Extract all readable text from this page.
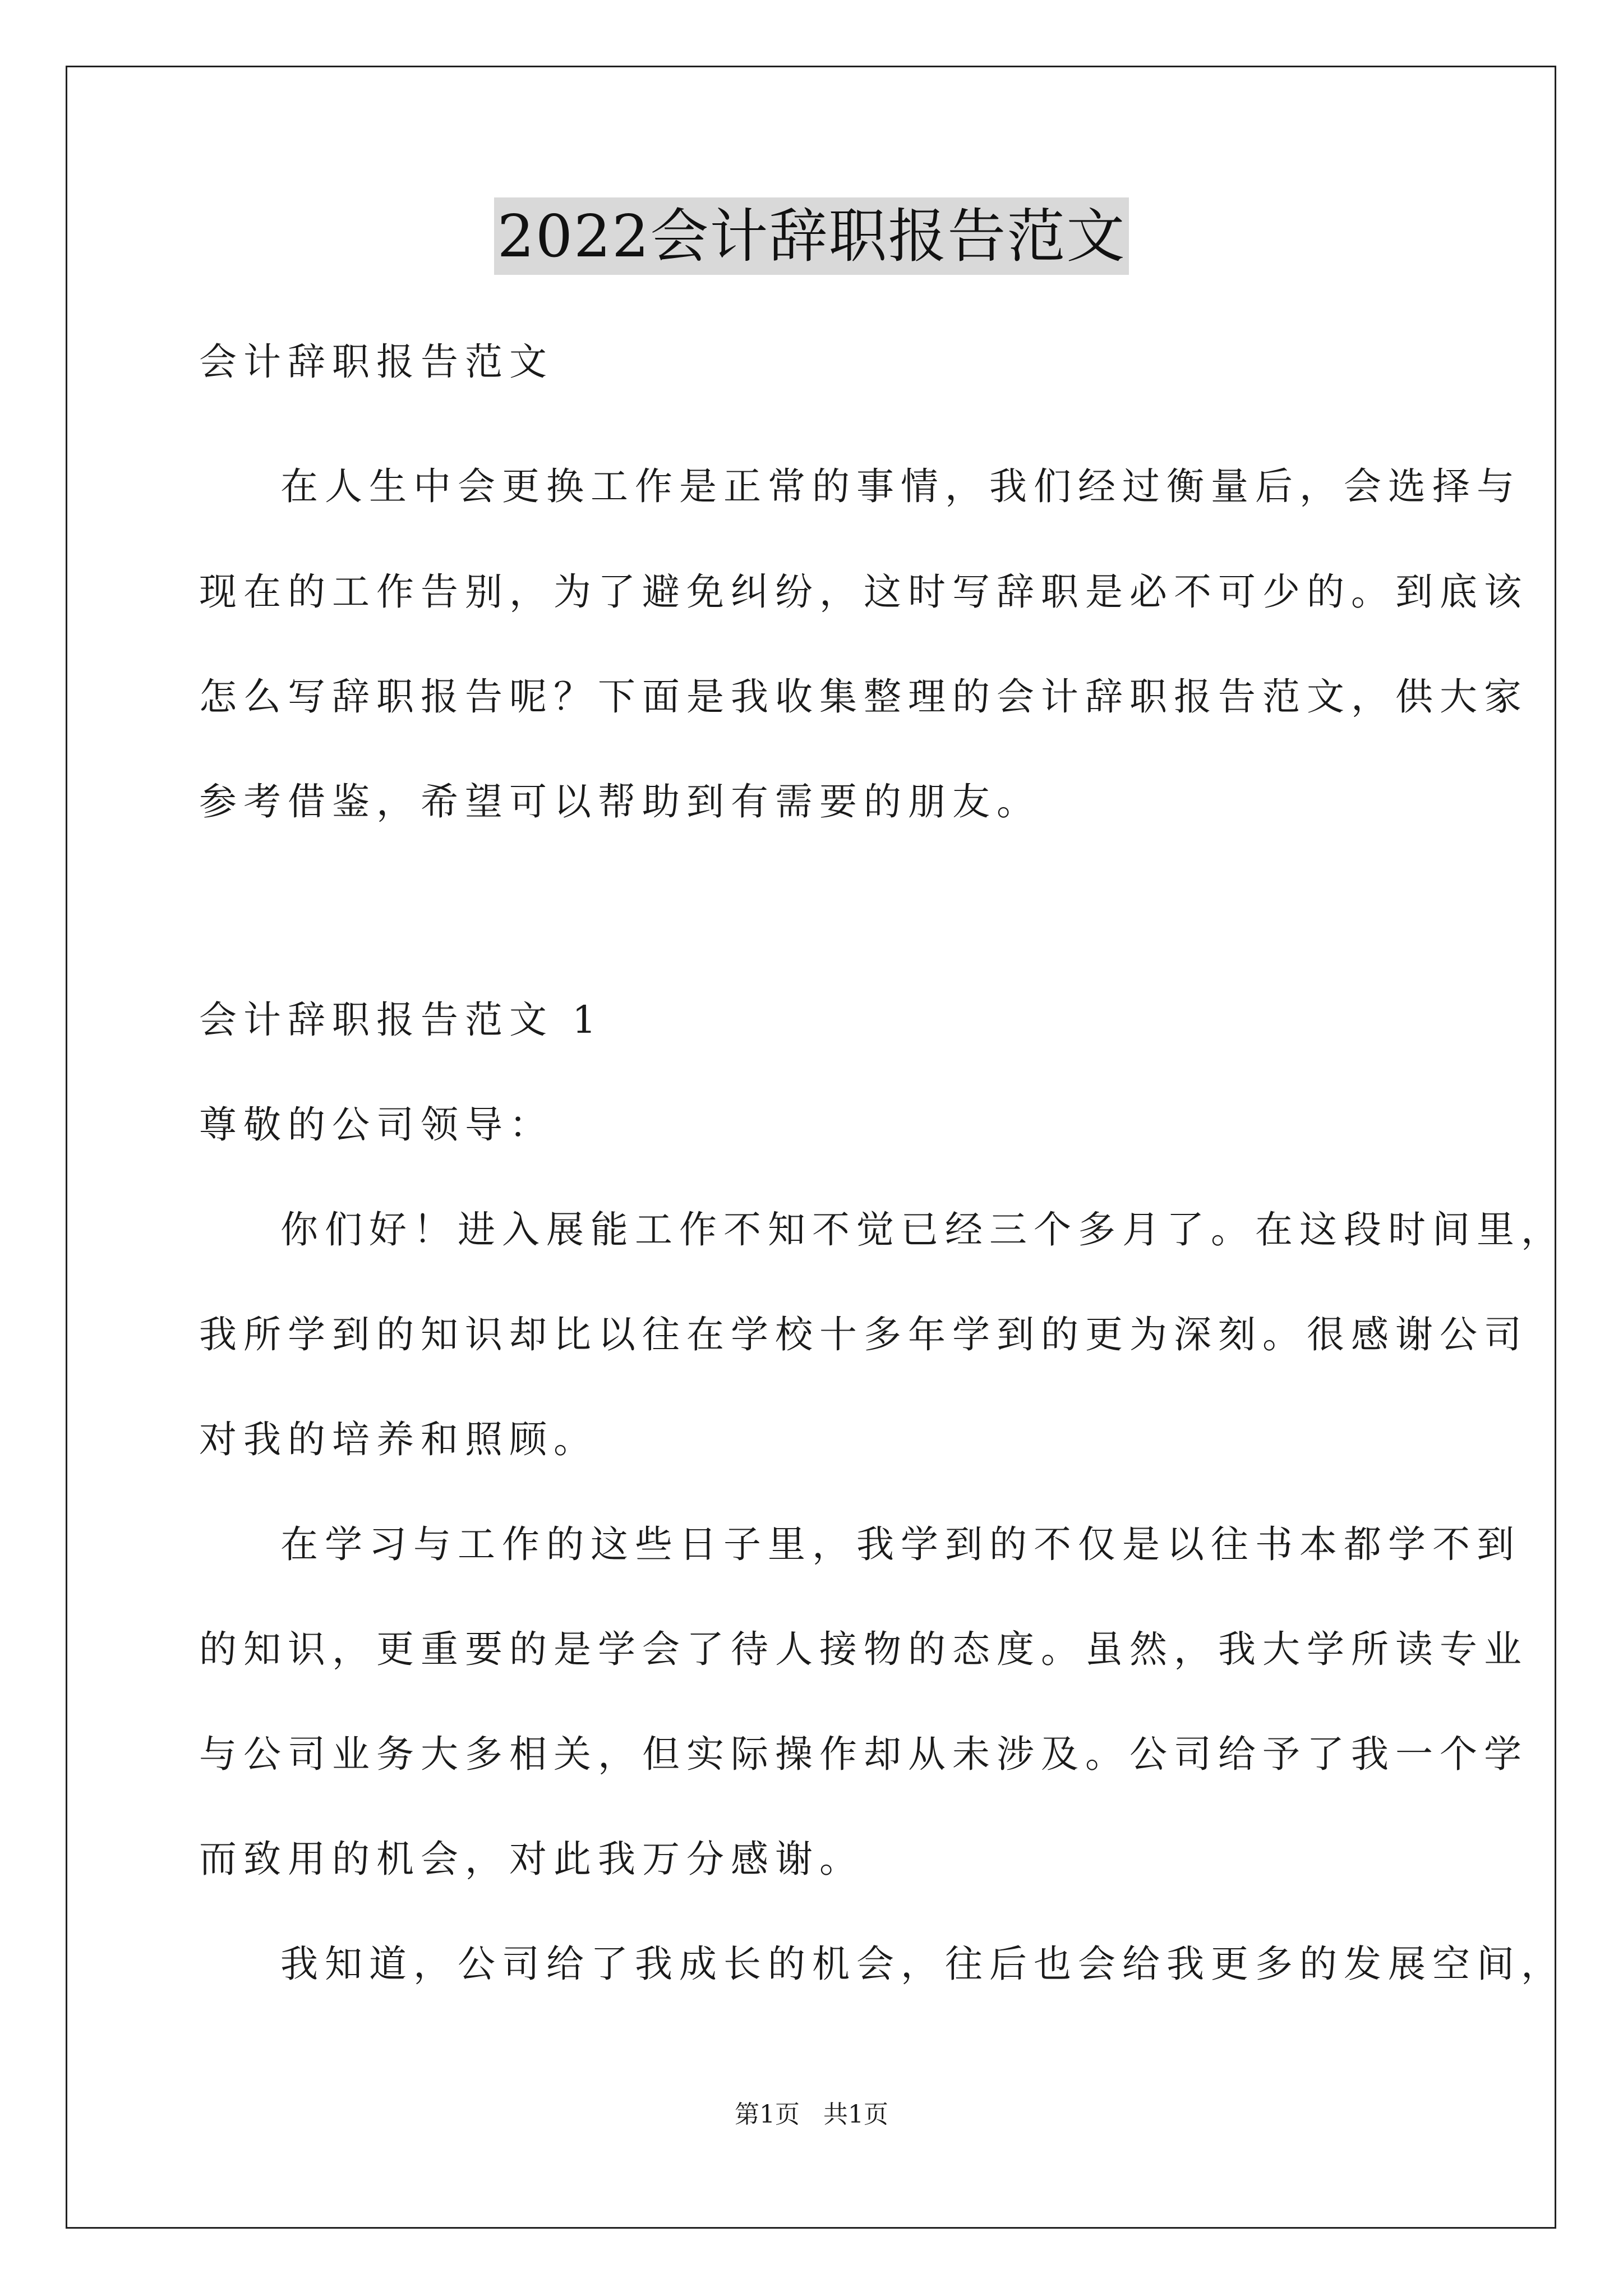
2022会计辞职报告范文
会计辞职报告范文
在人生中会更换工作是正常的事情，我们经过衡量后，会选择与
现在的工作告别，为了避免纠纷，这时写辞职是必不可少的。到底该
怎么写辞职报告呢？下面是我收集整理的会计辞职报告范文，供大家
参考借鉴，希望可以帮助到有需要的朋友。
会计辞职报告范文 1
尊敬的公司领导：
你们好！进入展能工作不知不觉已经三个多月了。在这段时间里，
我所学到的知识却比以往在学校十多年学到的更为深刻。很感谢公司
对我的培养和照顾。
在学习与工作的这些日子里，我学到的不仅是以往书本都学不到
的知识，更重要的是学会了待人接物的态度。虽然，我大学所读专业
与公司业务大多相关，但实际操作却从未涉及。公司给予了我一个学
而致用的机会，对此我万分感谢。
我知道，公司给了我成长的机会，往后也会给我更多的发展空间，
第1页   共1页
